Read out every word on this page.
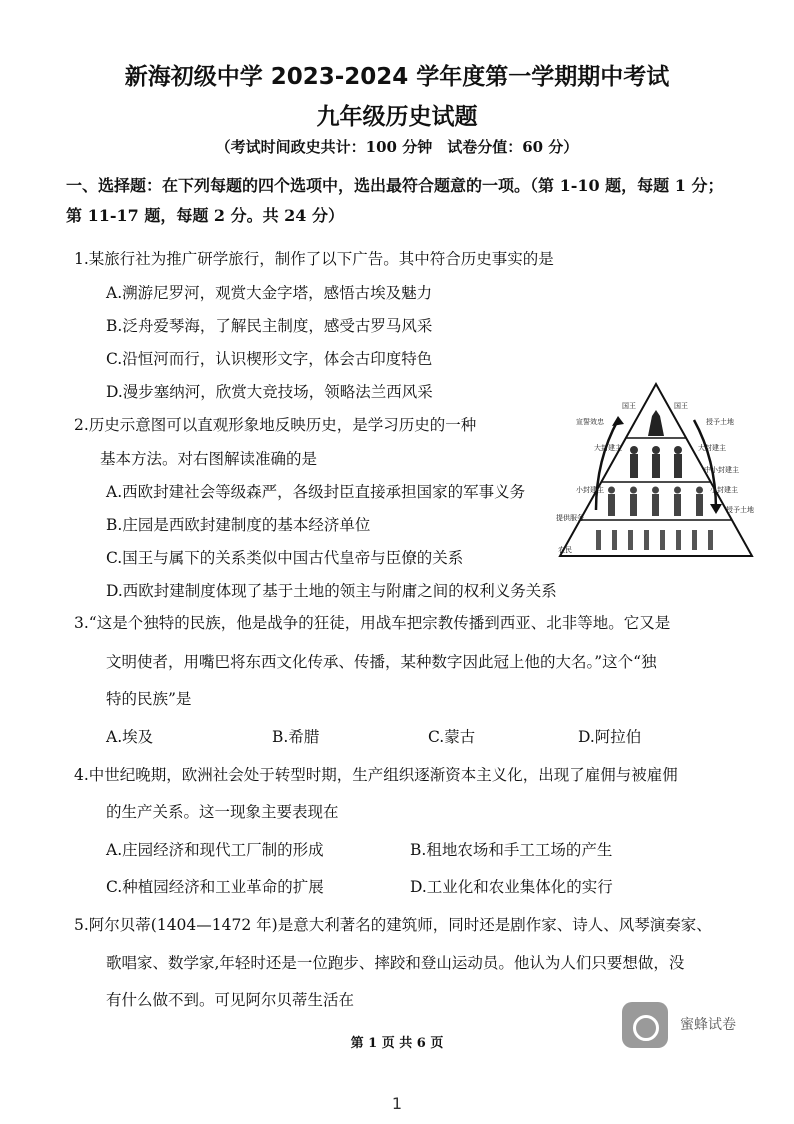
新海初级中学 2023-2024 学年度第一学期期中考试
九年级历史试题
（考试时间政史共计：100 分钟　试卷分值：60 分）
一、选择题：在下列每题的四个选项中，选出最符合题意的一项。（第 1-10 题，每题 1 分；
第 11-17 题，每题 2 分。共 24 分）
1.某旅行社为推广研学旅行，制作了以下广告。其中符合历史事实的是
A.溯游尼罗河，观赏大金字塔，感悟古埃及魅力
B.泛舟爱琴海，了解民主制度，感受古罗马风采
C.沿恒河而行，认识楔形文字，体会古印度特色
D.漫步塞纳河，欣赏大竞技场，领略法兰西风采
2.历史示意图可以直观形象地反映历史，是学习历史的一种
基本方法。对右图解读准确的是
A.西欧封建社会等级森严，各级封臣直接承担国家的军事义务
B.庄园是西欧封建制度的基本经济单位
C.国王与属下的关系类似中国古代皇帝与臣僚的关系
D.西欧封建制度体现了基于土地的领主与附庸之间的权利义务关系
国王	国王
宣誓效忠	授予土地
大封建主	大封建主
中小封建主
小封建主	小封建主
提供服务
授予土地
农民
3.“这是个独特的民族，他是战争的狂徒，用战车把宗教传播到西亚、北非等地。它又是
文明使者，用嘴巴将东西文化传承、传播，某种数字因此冠上他的大名。”这个“独
特的民族”是
A.埃及	B.希腊	C.蒙古	D.阿拉伯
4.中世纪晚期，欧洲社会处于转型时期，生产组织逐渐资本主义化，出现了雇佣与被雇佣
的生产关系。这一现象主要表现在
A.庄园经济和现代工厂制的形成	B.租地农场和手工工场的产生
C.种植园经济和工业革命的扩展	D.工业化和农业集体化的实行
5.阿尔贝蒂(1404—1472 年)是意大利著名的建筑师，同时还是剧作家、诗人、风琴演奏家、
歌唱家、数学家,年轻时还是一位跑步、摔跤和登山运动员。他认为人们只要想做，没
有什么做不到。可见阿尔贝蒂生活在
蜜蜂试卷
第 1 页 共 6 页
1
